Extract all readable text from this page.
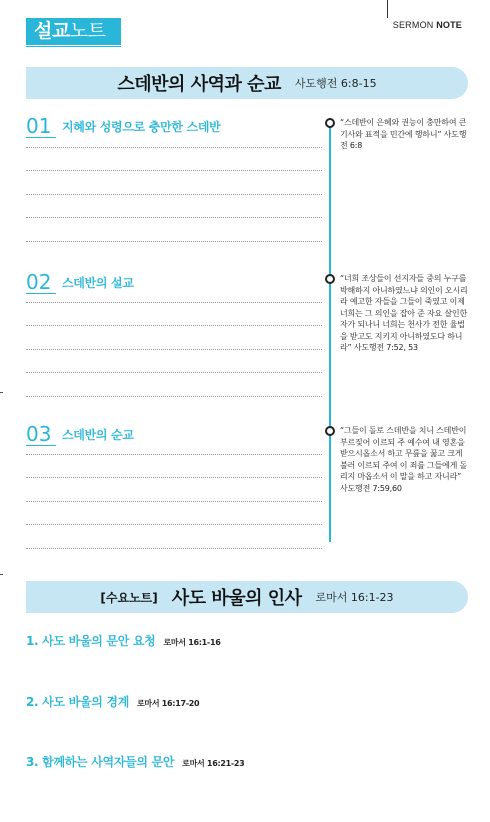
설교노트	SERMON NOTE
스데반의 사역과 순교 사도행전 6:8-15
01 지혜와 성령으로 충만한 스데반	“스데반이 은혜와 권능이 충만하여 큰 기사와 표적을 민간에 행하니” 사도행전 6:8
02 스데반의 설교	“너희 조상들이 선지자들 중의 누구를 박해하지 아니하였느냐 의인이 오시리라 예고한 자들을 그들이 죽였고 이제 너희는 그 의인을 잡아 준 자요 살인한 자가 되나니 너희는 천사가 전한 율법을 받고도 지키지 아니하였도다 하니라” 사도행전 7:52, 53
03 스데반의 순교	“그들이 돌로 스데반을 치니 스데반이 부르짖어 이르되 주 예수여 내 영혼을 받으시옵소서 하고 무릎을 꿇고 크게 불러 이르되 주여 이 죄를 그들에게 돌리지 마옵소서 이 말을 하고 자니라” 사도행전 7:59,60
[수요노트] 사도 바울의 인사 로마서 16:1-23
1. 사도 바울의 문안 요청 로마서 16:1-16
2. 사도 바울의 경계 로마서 16:17-20
3. 함께하는 사역자들의 문안 로마서 16:21-23
